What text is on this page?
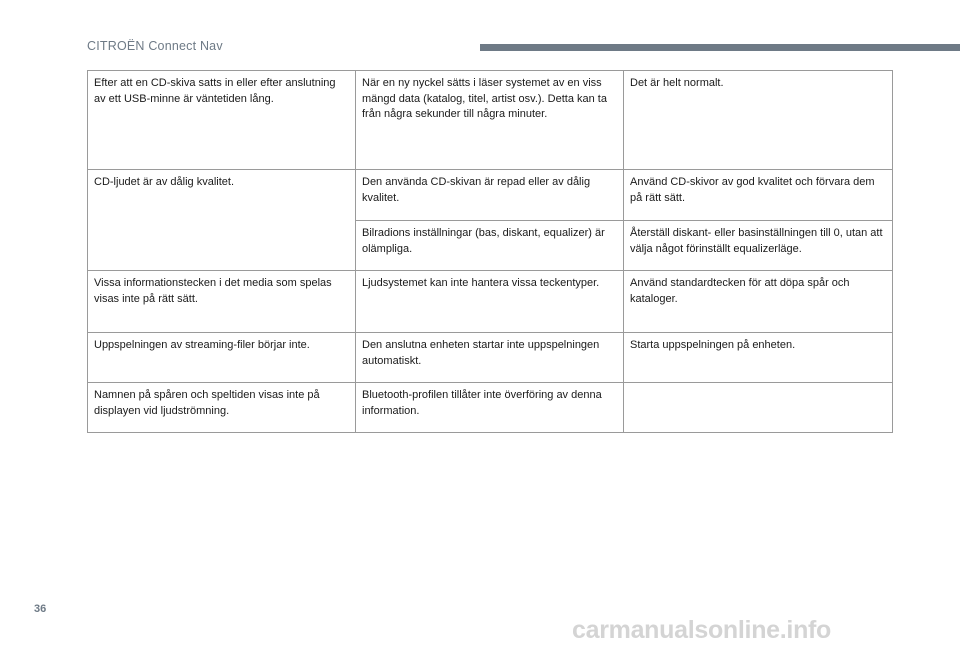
CITROËN Connect Nav
Efter att en CD-skiva satts in eller efter anslutning av ett USB-minne är väntetiden lång.	När en ny nyckel sätts i läser systemet av en viss mängd data (katalog, titel, artist osv.). Detta kan ta från några sekunder till några minuter.	Det är helt normalt.
CD-ljudet är av dålig kvalitet.	Den använda CD-skivan är repad eller av dålig kvalitet.	Använd CD-skivor av god kvalitet och förvara dem på rätt sätt.
	Bilradions inställningar (bas, diskant, equalizer) är olämpliga.	Återställ diskant- eller basinställningen till 0, utan att välja något förinställt equalizerläge.
Vissa informationstecken i det media som spelas visas inte på rätt sätt.	Ljudsystemet kan inte hantera vissa teckentyper.	Använd standardtecken för att döpa spår och kataloger.
Uppspelningen av streaming-filer börjar inte.	Den anslutna enheten startar inte uppspelningen automatiskt.	Starta uppspelningen på enheten.
Namnen på spåren och speltiden visas inte på displayen vid ljudströmning.	Bluetooth-profilen tillåter inte överföring av denna information.	
36
carmanualsonline.info
